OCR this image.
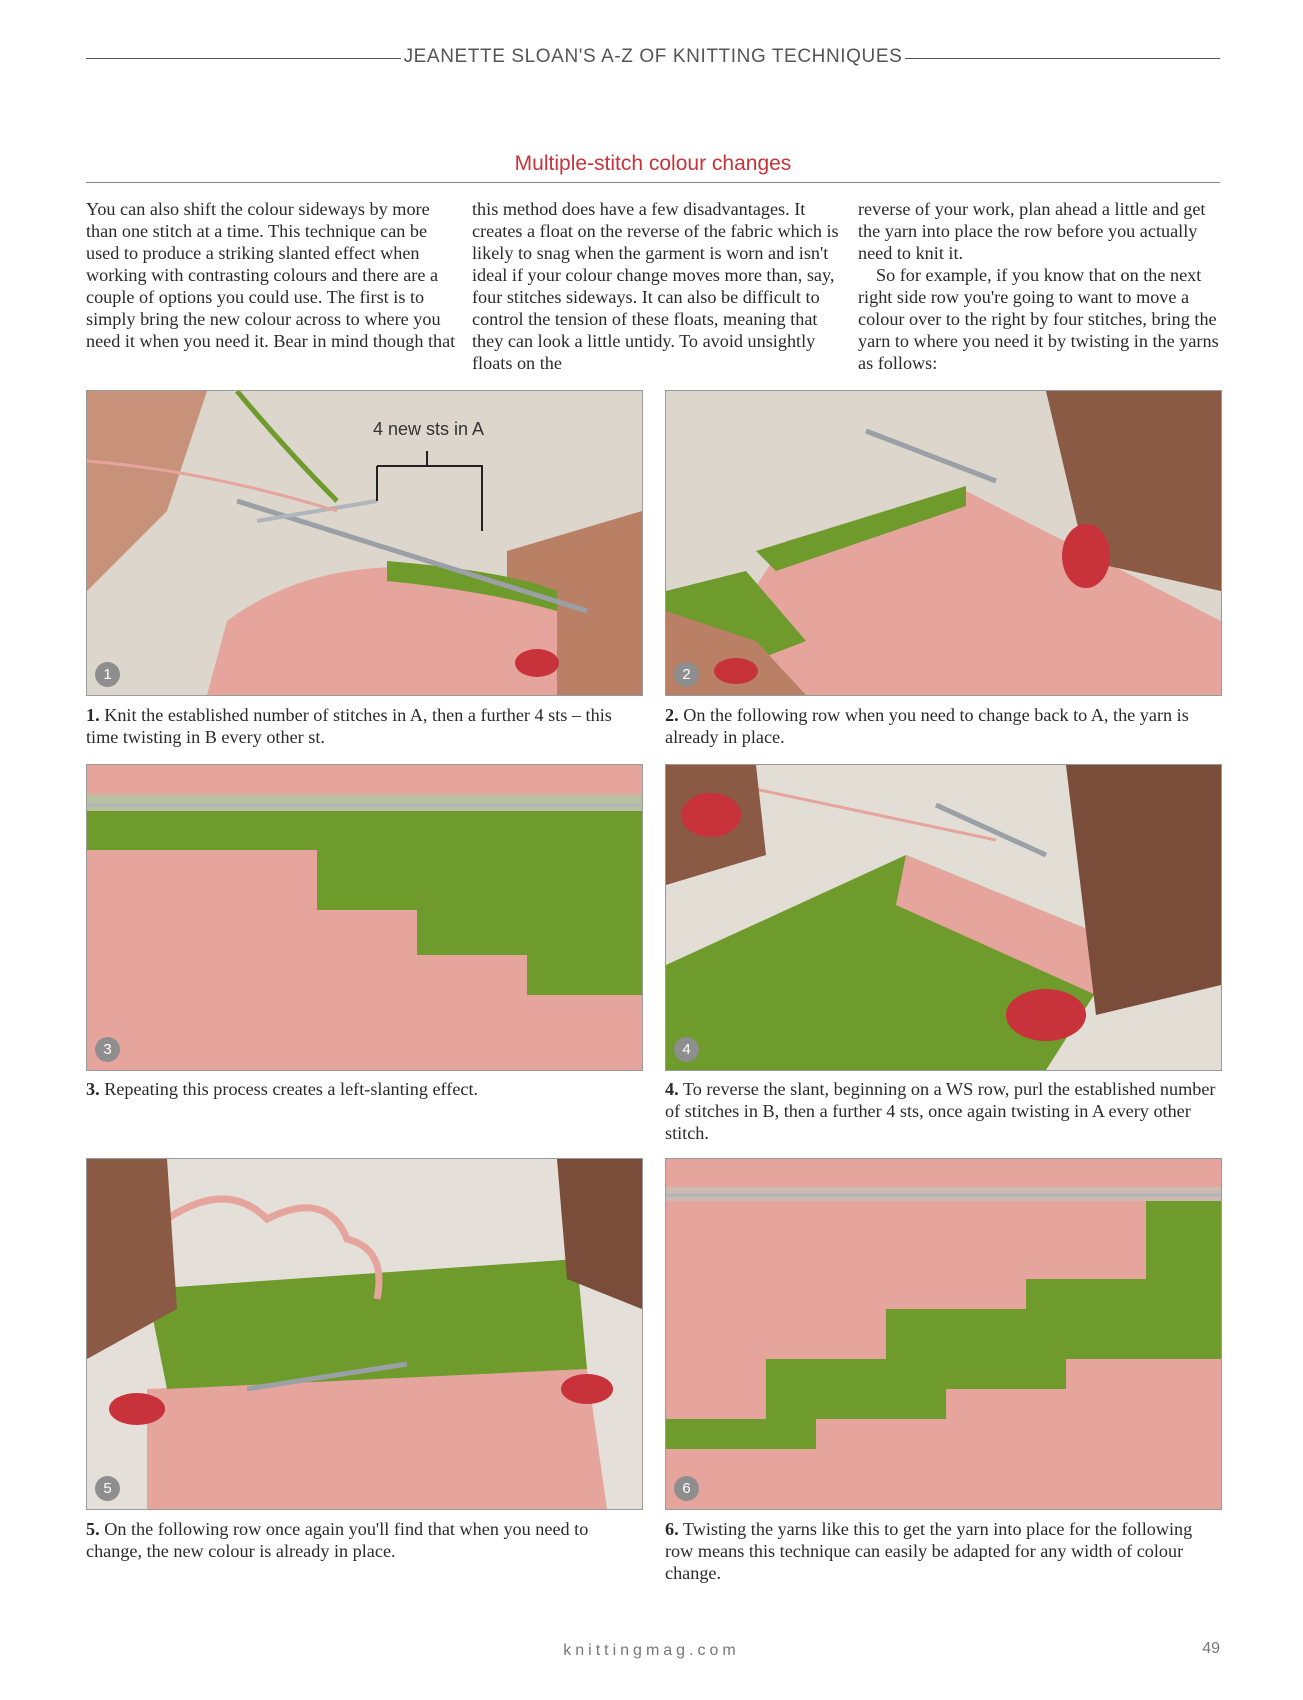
JEANETTE SLOAN'S A-Z OF KNITTING TECHNIQUES
Multiple-stitch colour changes

You can also shift the colour sideways by more than one stitch at a time. This technique can be used to produce a striking slanted effect when working with contrasting colours and there are a couple of options you could use. The first is to simply bring the new colour across to where you need it when you need it. Bear in mind though that

this method does have a few disadvantages. It creates a float on the reverse of the fabric which is likely to snag when the garment is worn and isn't ideal if your colour change moves more than, say, four stitches sideways. It can also be difficult to control the tension of these floats, meaning that they can look a little untidy. To avoid unsightly floats on the

reverse of your work, plan ahead a little and get the yarn into place the row before you actually need to knit it.

So for example, if you know that on the next right side row you're going to want to move a colour over to the right by four stitches, bring the yarn to where you need it by twisting in the yarns as follows:

4 new sts in A
1
1. Knit the established number of stitches in A, then a further 4 sts – this time twisting in B every other st.
2
2. On the following row when you need to change back to A, the yarn is already in place.
3
3. Repeating this process creates a left-slanting effect.
4
4. To reverse the slant, beginning on a WS row, purl the established number of stitches in B, then a further 4 sts, once again twisting in A every other stitch.
5
5. On the following row once again you'll find that when you need to change, the new colour is already in place.
6
6. Twisting the yarns like this to get the yarn into place for the following row means this technique can easily be adapted for any width of colour change.
knittingmag.com	49
